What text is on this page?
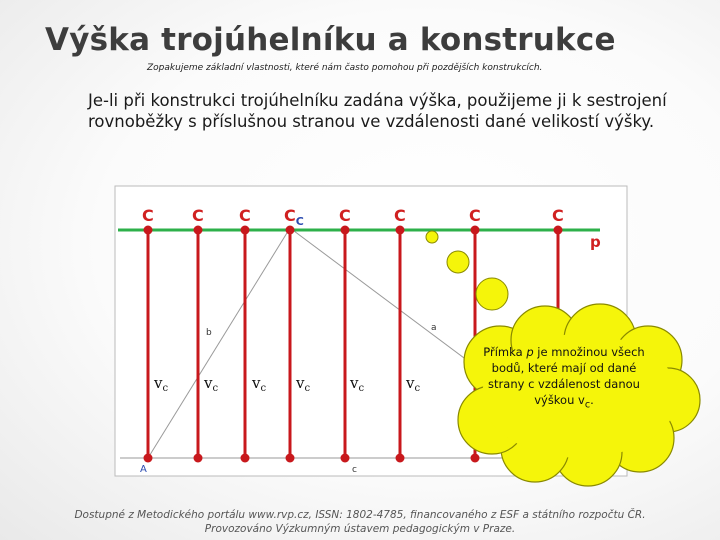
Výška trojúhelníku a konstrukce
Zopakujeme základní vlastnosti, které nám často pomohou při pozdějších konstrukcích.
Je-li při konstrukci trojúhelníku zadána výška, použijeme ji k sestrojení rovnoběžky s příslušnou stranou ve vzdálenosti dané velikostí výšky.
C C C $C_C$ C	C	C	C
$v_c$ $v_c$ $v_c$ $v_c$	$v_c$	$v_c$
b	a
c
A
p
Přímka p je množinou všech bodů, které mají od dané strany c vzdálenost danou výškou $v_c$.
Dostupné z Metodického portálu www.rvp.cz, ISSN: 1802-4785, financovaného z ESF a státního rozpočtu ČR.
Provozováno Výzkumným ústavem pedagogickým v Praze.
